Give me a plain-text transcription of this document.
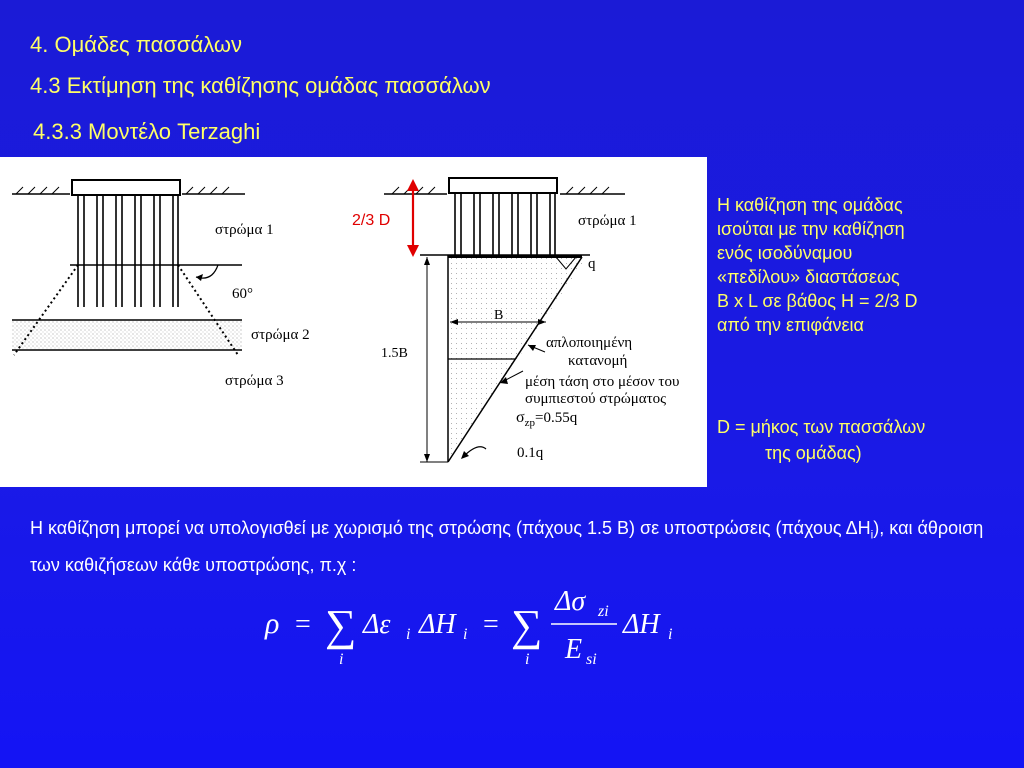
4. Ομάδες πασσάλων
4.3 Εκτίμηση της καθίζησης ομάδας πασσάλων
4.3.3 Μοντέλο Terzaghi
στρώμα 1
60°
στρώμα 2
στρώμα 3
2/3 D	στρώμα 1
q
B
1.5B
απλοποιημένη
κατανομή
μέση τάση στο μέσον του
συμπιεστού στρώματος
$\sigma_{zp}=0.55q$
0.1q
Η καθίζηση της ομάδας
ισούται με την καθίζηση
ενός ισοδύναμου
«πεδίλου» διαστάσεως
B x L σε βάθος H = 2/3 D
από την επιφάνεια
D = μήκος των πασσάλων
της ομάδας)
Η καθίζηση μπορεί να υπολογισθεί με χωρισμό της στρώσης (πάχους 1.5 B) σε υποστρώσεις (πάχους $\Delta H_i$), και άθροιση των καθιζήσεων κάθε υποστρώσης, π.χ :
ρ = ∑
i
Δε i ΔH i = ∑
i
Δσ zi
E si
ΔH i
